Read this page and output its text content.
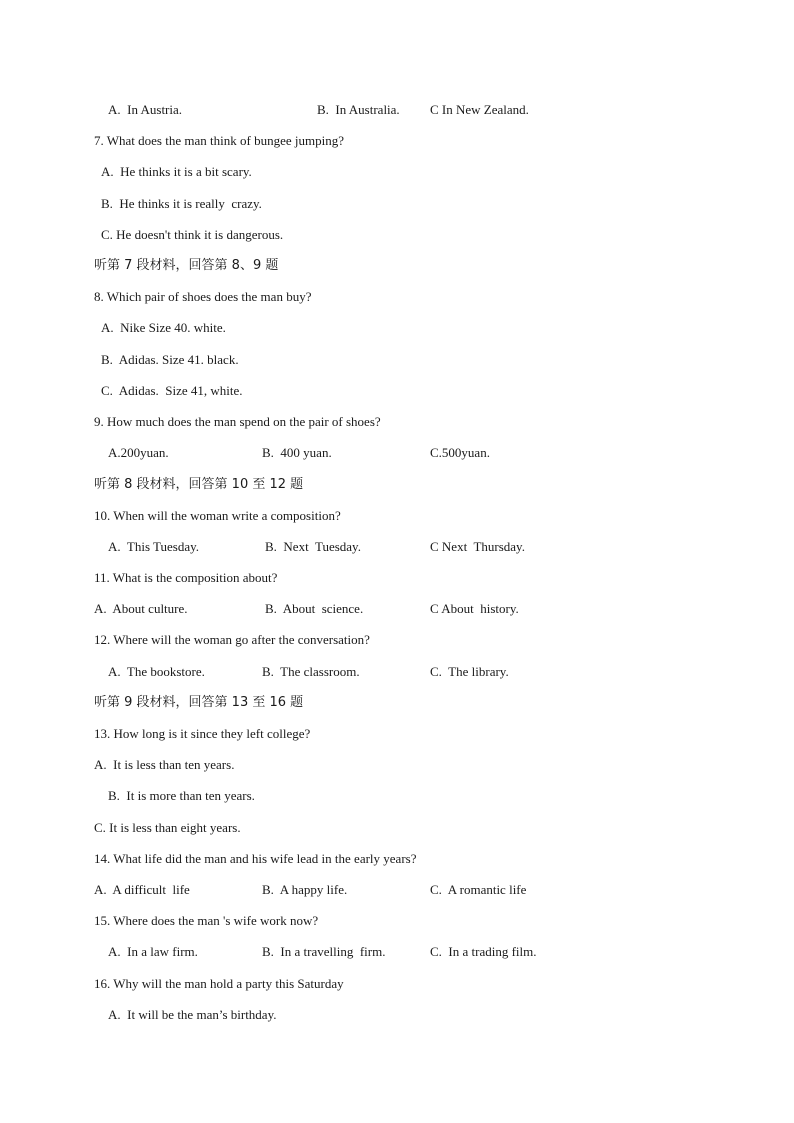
A.  In Austria.	B.  In Australia. C In New Zealand.
7. What does the man think of bungee jumping?
A.  He thinks it is a bit scary.
B.  He thinks it is really  crazy.
C. He doesn't think it is dangerous.
听第 7 段材料，回答第 8、9 题
8. Which pair of shoes does the man buy?
A.  Nike Size 40. white.
B.  Adidas. Size 41. black.
C.  Adidas.  Size 41, white.
9. How much does the man spend on the pair of shoes?
A.200yuan.	B.  400 yuan.	C.500yuan.
听第 8 段材料，回答第 10 至 12 题
10. When will the woman write a composition?
A.  This Tuesday.	B.  Next  Tuesday.	C Next  Thursday.
11. What is the composition about?
A.  About culture.	B.  About  science.	C About  history.
12. Where will the woman go after the conversation?
A.  The bookstore.	B.  The classroom.	C.  The library.
听第 9 段材料，回答第 13 至 16 题
13. How long is it since they left college?
A.  It is less than ten years.
B.  It is more than ten years.
C. It is less than eight years.
14. What life did the man and his wife lead in the early years?
A.  A difficult  life	B.  A happy life.	C.  A romantic life
15. Where does the man 's wife work now?
A.  In a law firm.	B.  In a travelling  firm.	C.  In a trading film.
16. Why will the man hold a party this Saturday
A.  It will be the man’s birthday.
